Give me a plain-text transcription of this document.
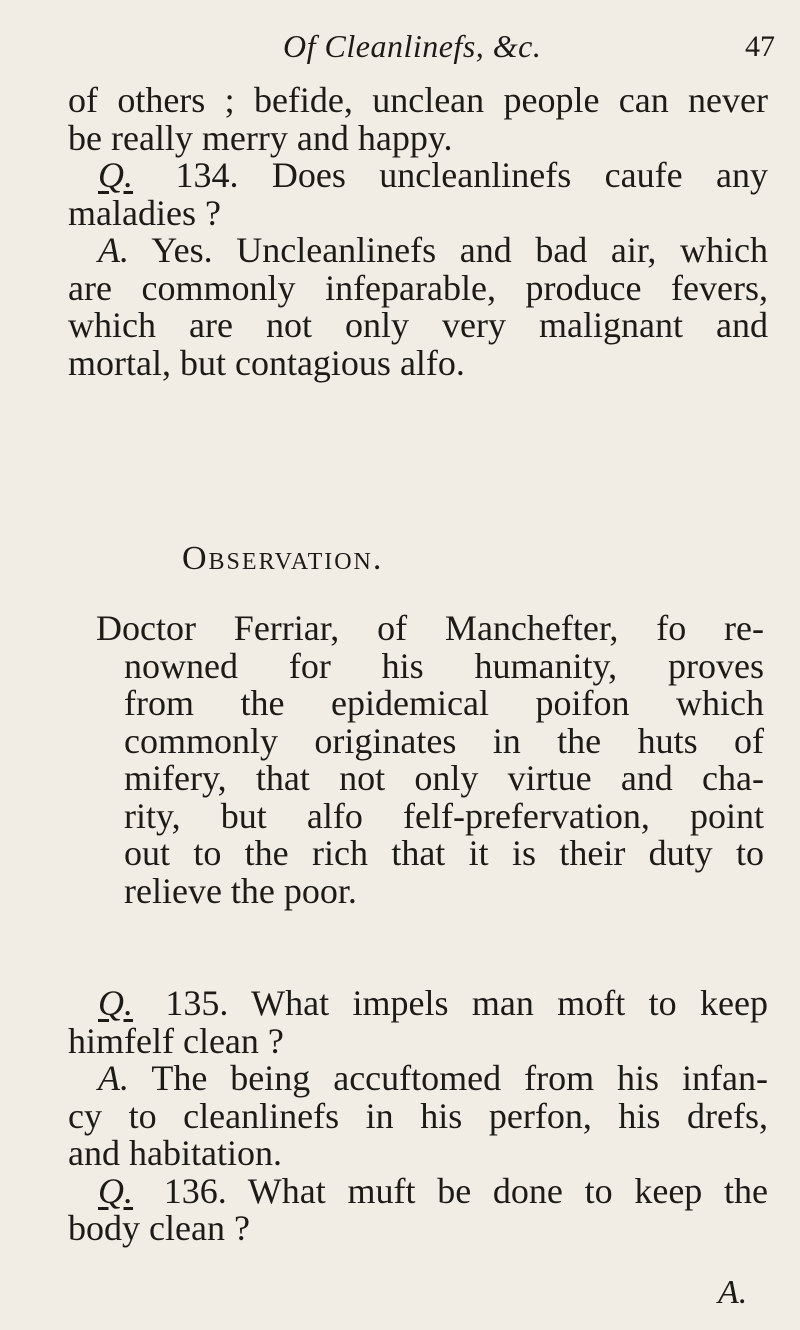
Of Cleanlinefs, &c.	47
of others ; befide, unclean people can never
be really merry and happy.
Q. 134. Does uncleanlinefs caufe any
maladies ?
A. Yes. Uncleanlinefs and bad air, which
are commonly infeparable, produce fevers,
which are not only very malignant and
mortal, but contagious alfo.
Observation.
Doctor Ferriar, of Manchefter, fo re-
nowned for his humanity, proves
from the epidemical poifon which
commonly originates in the huts of
mifery, that not only virtue and cha-
rity, but alfo felf-prefervation, point
out to the rich that it is their duty to
relieve the poor.
Q. 135. What impels man moft to keep
himfelf clean ?
A. The being accuftomed from his infan-
cy to cleanlinefs in his perfon, his drefs,
and habitation.
Q. 136. What muft be done to keep the
body clean ?
A.
